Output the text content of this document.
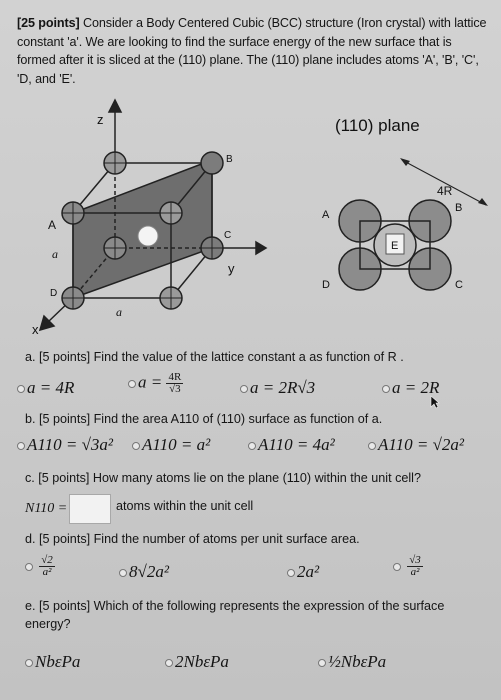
[25 points] Consider a Body Centered Cubic (BCC) structure (Iron crystal) with lattice constant 'a'. We are looking to find the surface energy of the new surface that is formed after it is sliced at the (110) plane. The (110) plane includes atoms 'A', 'B', 'C', 'D, and 'E'.
z
y
x
a
a
A
B
C
D
(110) plane
4R
A
B
C
D
E
a. [5 points] Find the value of the lattice constant a as function of R .
a = 4R	$a = \frac{4R}{√3}$	a = 2R√3	a = 2R
b. [5 points] Find the area A110 of (110) surface as function of a.
A110 = √3a²	A110 = a²	A110 = 4a²	A110 = √2a²
c. [5 points] How many atoms lie on the plane (110) within the unit cell?
N110 =	atoms within the unit cell
d. [5 points] Find the number of atoms per unit surface area.

$\frac{√2}{\text{a²}}$	8√2a²	2a²
	$\frac{√3}{\text{a²}}$
e. [5 points] Which of the following represents the expression of the surface
energy?
NbεPa	2NbεPa	½NbεPa
